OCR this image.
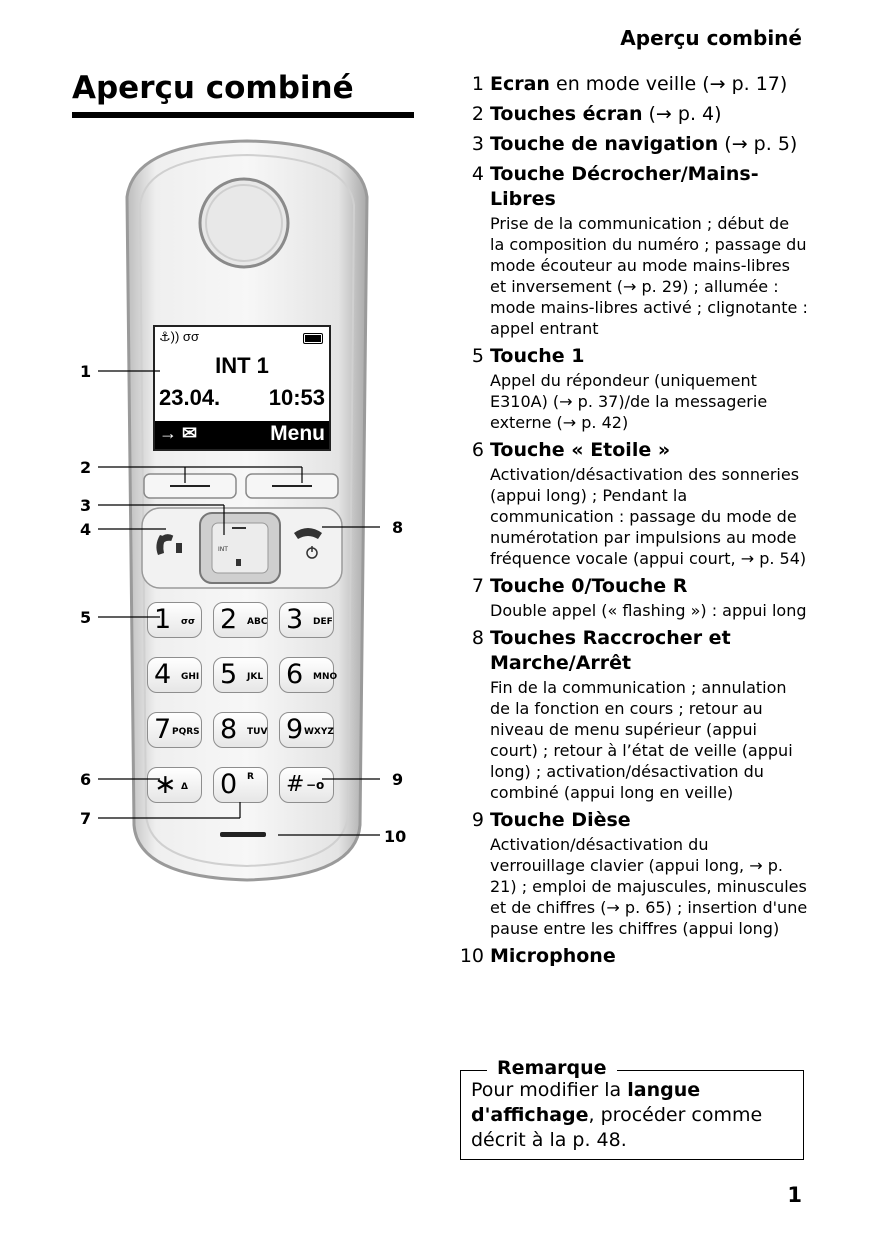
Aperçu combiné
Aperçu combiné
INT
⚓︎)) σσ
INT 1
23.04. 10:53
→ ✉	Menu
1 σσ 2 ABC 3 DEF
4 GHI 5 JKL 6 MNO
7 PQRS 8 TUV 9 WXYZ
∗ Δ 0 R # −o
1
2
3
4
5
6
7
8
9
10
1 Ecran en mode veille (→ p. 17)
2 Touches écran (→ p. 4)
3 Touche de navigation (→ p. 5)
4 Touche Décrocher/Mains-Libres
Prise de la communication ; début de la composition du numéro ; passage du mode écouteur au mode mains-libres et inversement (→ p. 29) ; allumée : mode mains-libres activé ; clignotante : appel entrant
5 Touche 1
Appel du répondeur (uniquement E310A) (→ p. 37)/de la messagerie externe (→ p. 42)
6 Touche « Etoile »
Activation/désactivation des sonneries (appui long) ; Pendant la communication : passage du mode de numérotation par impulsions au mode fréquence vocale (appui court, → p. 54)
7 Touche 0/Touche R
Double appel (« flashing ») : appui long
8 Touches Raccrocher et Marche/Arrêt
Fin de la communication ; annulation de la fonction en cours ; retour au niveau de menu supérieur (appui court) ; retour à l’état de veille (appui long) ; activation/désactivation du combiné (appui long en veille)
9 Touche Dièse
Activation/désactivation du verrouillage clavier (appui long, → p. 21) ; emploi de majuscules, minuscules et de chiffres (→ p. 65) ; insertion d'une pause entre les chiffres (appui long)
10 Microphone
Remarque
Pour modifier la langue d'affichage, procéder comme décrit à la p. 48.
1
